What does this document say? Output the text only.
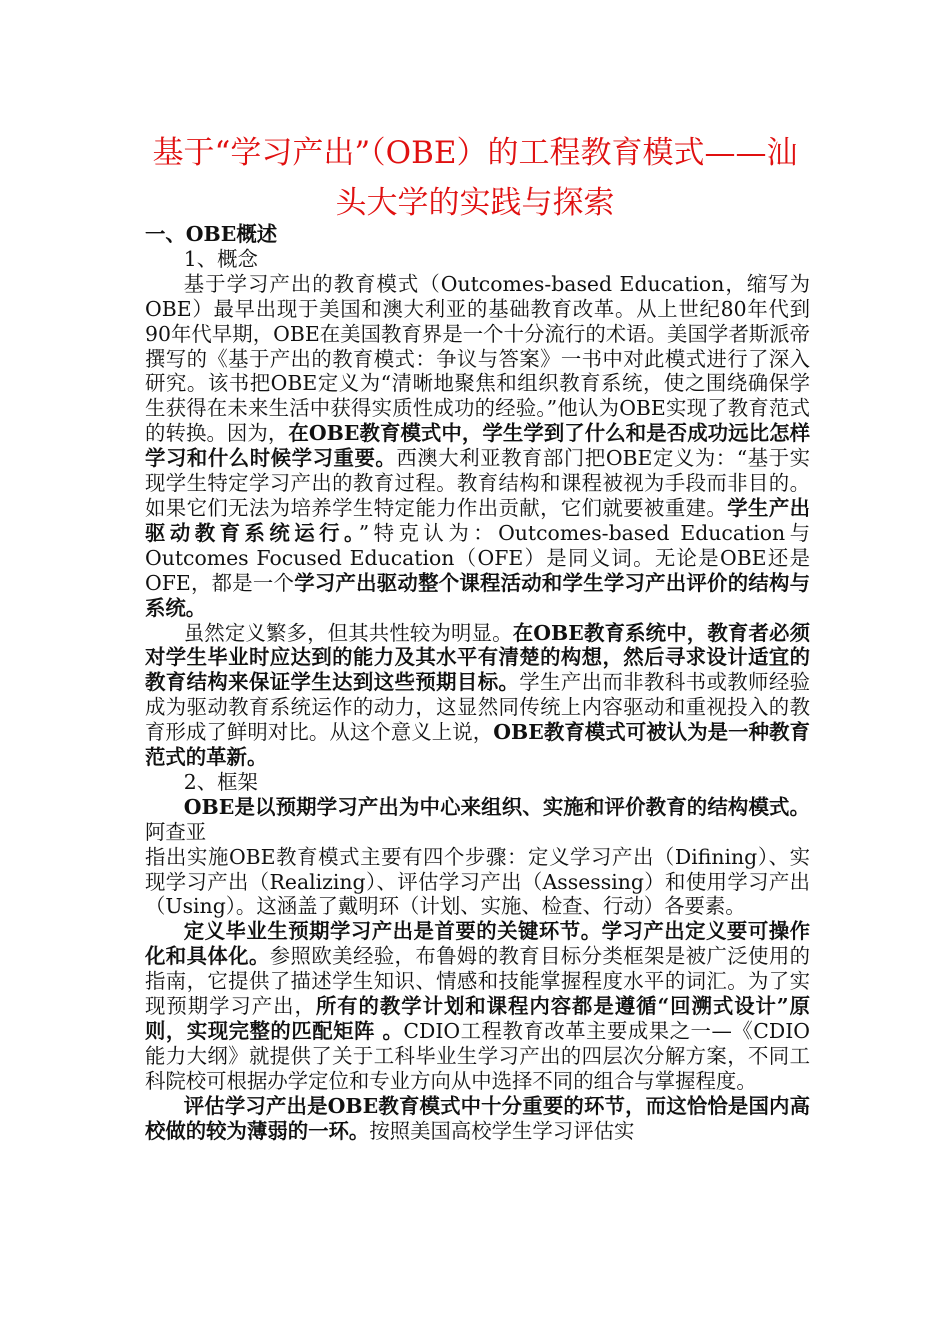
基于“学习产出”（OBE）的工程教育模式——汕头大学的实践与探索

一、OBE概述

1、概念

基于学习产出的教育模式（Outcomes-based Education，缩写为OBE）最早出现于美国和澳大利亚的基础教育改革。从上世纪80年代到90年代早期，OBE在美国教育界是一个十分流行的术语。美国学者斯派帝撰写的《基于产出的教育模式：争议与答案》一书中对此模式进行了深入研究。该书把OBE定义为“清晰地聚焦和组织教育系统，使之围绕确保学生获得在未来生活中获得实质性成功的经验。”他认为OBE实现了教育范式的转换。因为，在OBE教育模式中，学生学到了什么和是否成功远比怎样学习和什么时候学习重要。西澳大利亚教育部门把OBE定义为：“基于实现学生特定学习产出的教育过程。教育结构和课程被视为手段而非目的。如果它们无法为培养学生特定能力作出贡献，它们就要被重建。学生产出驱动教育系统运行。”特克认为：Outcomes-based Education与Outcomes Focused Education（OFE）是同义词。无论是OBE还是OFE，都是一个学习产出驱动整个课程活动和学生学习产出评价的结构与系统。

虽然定义繁多，但其共性较为明显。在OBE教育系统中，教育者必须对学生毕业时应达到的能力及其水平有清楚的构想，然后寻求设计适宜的教育结构来保证学生达到这些预期目标。学生产出而非教科书或教师经验成为驱动教育系统运作的动力，这显然同传统上内容驱动和重视投入的教育形成了鲜明对比。从这个意义上说，OBE教育模式可被认为是一种教育范式的革新。

2、框架

OBE是以预期学习产出为中心来组织、实施和评价教育的结构模式。阿查亚

指出实施OBE教育模式主要有四个步骤：定义学习产出（Difining）、实现学习产出（Realizing）、评估学习产出（Assessing）和使用学习产出（Using）。这涵盖了戴明环（计划、实施、检查、行动）各要素。

定义毕业生预期学习产出是首要的关键环节。学习产出定义要可操作化和具体化。参照欧美经验，布鲁姆的教育目标分类框架是被广泛使用的指南，它提供了描述学生知识、情感和技能掌握程度水平的词汇。为了实现预期学习产出，所有的教学计划和课程内容都是遵循“回溯式设计”原则，实现完整的匹配矩阵 。CDIO工程教育改革主要成果之一—《CDIO能力大纲》就提供了关于工科毕业生学习产出的四层次分解方案，不同工科院校可根据办学定位和专业方向从中选择不同的组合与掌握程度。

评估学习产出是OBE教育模式中十分重要的环节，而这恰恰是国内高校做的较为薄弱的一环。按照美国高校学生学习评估实
